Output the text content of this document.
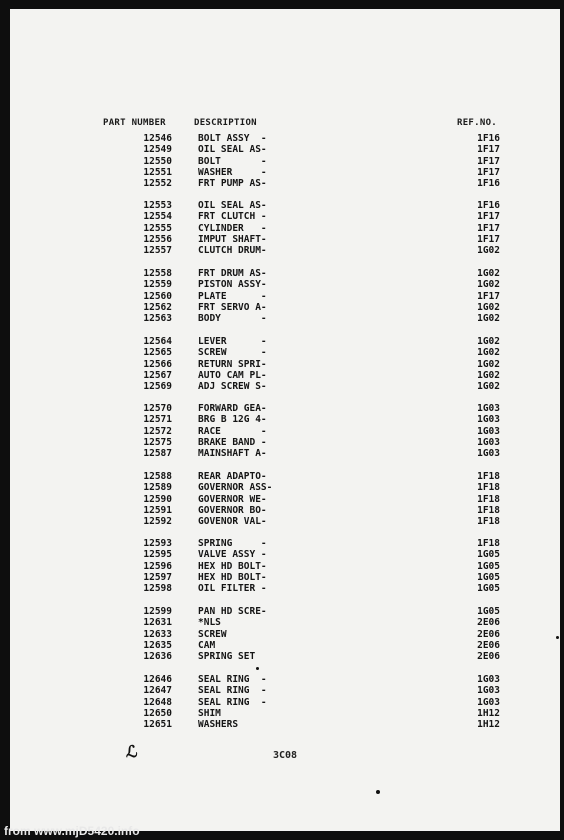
PART NUMBER	DESCRIPTION	REF.NO.
12546	BOLT ASSY  -	1F16
12549	OIL SEAL AS-	1F17
12550	BOLT       -	1F17
12551	WASHER     -	1F17
12552	FRT PUMP AS-	1F16
12553	OIL SEAL AS-	1F16
12554	FRT CLUTCH -	1F17
12555	CYLINDER   -	1F17
12556	IMPUT SHAFT-	1F17
12557	CLUTCH DRUM-	1G02
12558	FRT DRUM AS-	1G02
12559	PISTON ASSY-	1G02
12560	PLATE      -	1F17
12562	FRT SERVO A-	1G02
12563	BODY       -	1G02
12564	LEVER      -	1G02
12565	SCREW      -	1G02
12566	RETURN SPRI-	1G02
12567	AUTO CAM PL-	1G02
12569	ADJ SCREW S-	1G02
12570	FORWARD GEA-	1G03
12571	BRG B 12G 4-	1G03
12572	RACE       -	1G03
12575	BRAKE BAND -	1G03
12587	MAINSHAFT A-	1G03
12588	REAR ADAPTO-	1F18
12589	GOVERNOR ASS-	1F18
12590	GOVERNOR WE-	1F18
12591	GOVERNOR BO-	1F18
12592	GOVENOR VAL-	1F18
12593	SPRING     -	1F18
12595	VALVE ASSY -	1G05
12596	HEX HD BOLT-	1G05
12597	HEX HD BOLT-	1G05
12598	OIL FILTER -	1G05
12599	PAN HD SCRE-	1G05
12631	*NLS	2E06
12633	SCREW	2E06
12635	CAM	2E06
12636	SPRING SET	2E06
12646	SEAL RING  -	1G03
12647	SEAL RING  -	1G03
12648	SEAL RING  -	1G03
12650	SHIM	1H12
12651	WASHERS	1H12
ℒ	3C08
from www.mjD5420.info
